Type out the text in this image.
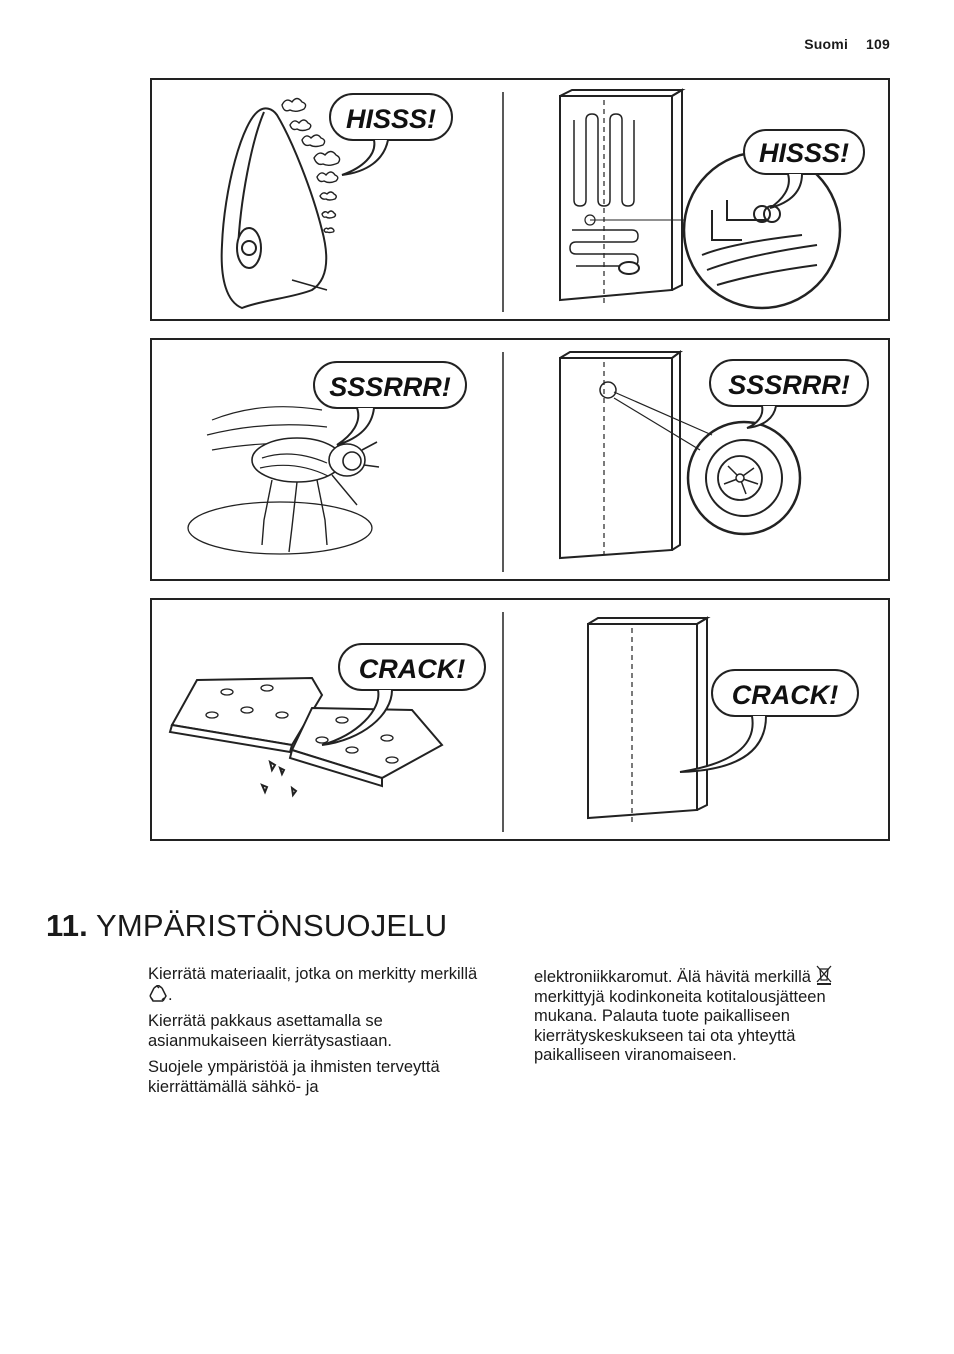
Suomi 109
HISSS!
HISSS!
SSSRRR!	SSSRRR!
CRACK!
CRACK!
11. YMPÄRISTÖNSUOJELU

Kierrätä materiaalit, jotka on merkitty merkillä.

Kierrätä pakkaus asettamalla se asianmukaiseen kierrätysastiaan.

Suojele ympäristöä ja ihmisten terveyttä kierrättämällä sähkö- ja

elektroniikkaromut. Älä hävitä merkillä  merkittyjä kodinkoneita kotitalousjätteen mukana. Palauta tuote paikalliseen kierrätyskeskukseen tai ota yhteyttä paikalliseen viranomaiseen.
